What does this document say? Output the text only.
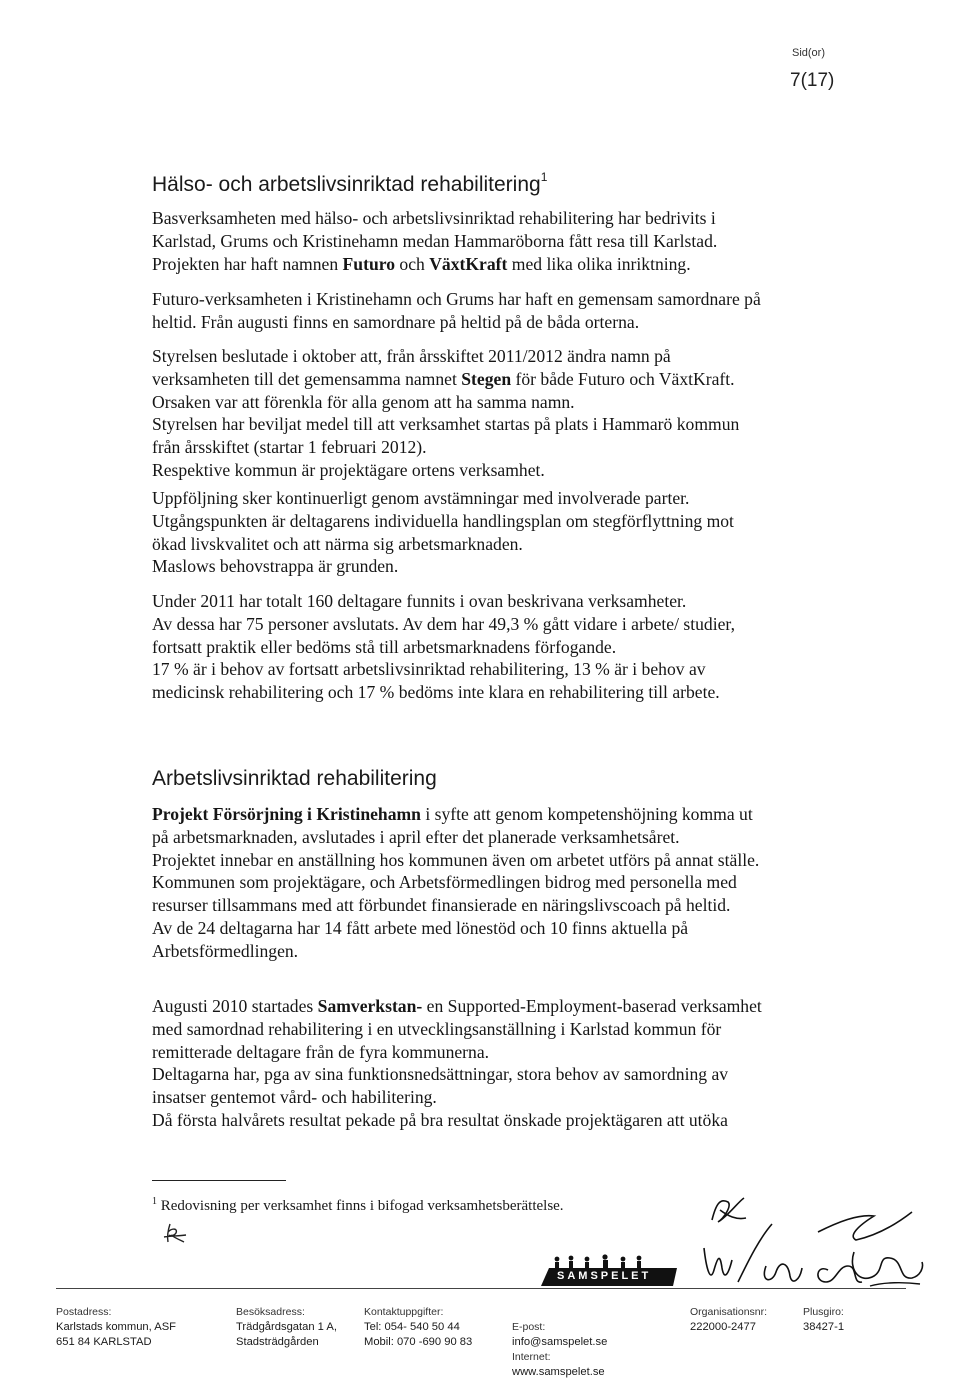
Sid(or)
7(17)
Hälso- och arbetslivsinriktad rehabilitering$^1$
Basverksamheten med hälso- och arbetslivsinriktad rehabilitering har bedrivits i
Karlstad, Grums och Kristinehamn medan Hammaröborna fått resa till Karlstad.
Projekten har haft namnen Futuro och VäxtKraft med lika olika inriktning.
Futuro-verksamheten i Kristinehamn och Grums har haft en gemensam samordnare på
heltid. Från augusti finns en samordnare på heltid på de båda orterna.
Styrelsen beslutade i oktober att, från årsskiftet 2011/2012 ändra namn på
verksamheten till det gemensamma namnet Stegen för både Futuro och VäxtKraft.
Orsaken var att förenkla för alla genom att ha samma namn.
Styrelsen har beviljat medel till att verksamhet startas på plats i Hammarö kommun
från årsskiftet (startar 1 februari 2012).
Respektive kommun är projektägare ortens verksamhet.
Uppföljning sker kontinuerligt genom avstämningar med involverade parter.
Utgångspunkten är deltagarens individuella handlingsplan om stegförflyttning mot
ökad livskvalitet och att närma sig arbetsmarknaden.
Maslows behovstrappa är grunden.
Under 2011 har totalt 160 deltagare funnits i ovan beskrivana verksamheter.
Av dessa har 75 personer avslutats. Av dem har 49,3 % gått vidare i arbete/ studier,
fortsatt praktik eller bedöms stå till arbetsmarknadens förfogande.
17 % är i behov av fortsatt arbetslivsinriktad rehabilitering, 13 % är i behov av
medicinsk rehabilitering och 17 % bedöms inte klara en rehabilitering till arbete.
Arbetslivsinriktad rehabilitering
Projekt Försörjning i Kristinehamn i syfte att genom kompetenshöjning komma ut
på arbetsmarknaden, avslutades i april efter det planerade verksamhetsåret.
Projektet innebar en anställning hos kommunen även om arbetet utförs på annat ställe.
Kommunen som projektägare, och Arbetsförmedlingen bidrog med personella med
resurser tillsammans med att förbundet finansierade en näringslivscoach på heltid.
Av de 24 deltagarna har 14 fått arbete med lönestöd och 10 finns aktuella på
Arbetsförmedlingen.
Augusti 2010 startades Samverkstan- en Supported-Employment-baserad verksamhet
med samordnad rehabilitering i en utvecklingsanställning i Karlstad kommun för
remitterade deltagare från de fyra kommunerna.
Deltagarna har, pga av sina funktionsnedsättningar, stora behov av samordning av
insatser gentemot vård- och habilitering.
Då första halvårets resultat pekade på bra resultat önskade projektägaren att utöka
$^1$ Redovisning per verksamhet finns i bifogad verksamhetsberättelse.
SAMSPELET
Postadress:
Karlstads kommun, ASF
651 84 KARLSTAD
Besöksadress:
Trädgårdsgatan 1 A,
Stadsträdgården
Kontaktuppgifter:
Tel: 054- 540 50 44
Mobil: 070 -690 90 83
E-post:
info@samspelet.se
Internet:
www.samspelet.se
Organisationsnr:
222000-2477
Plusgiro:
38427-1
